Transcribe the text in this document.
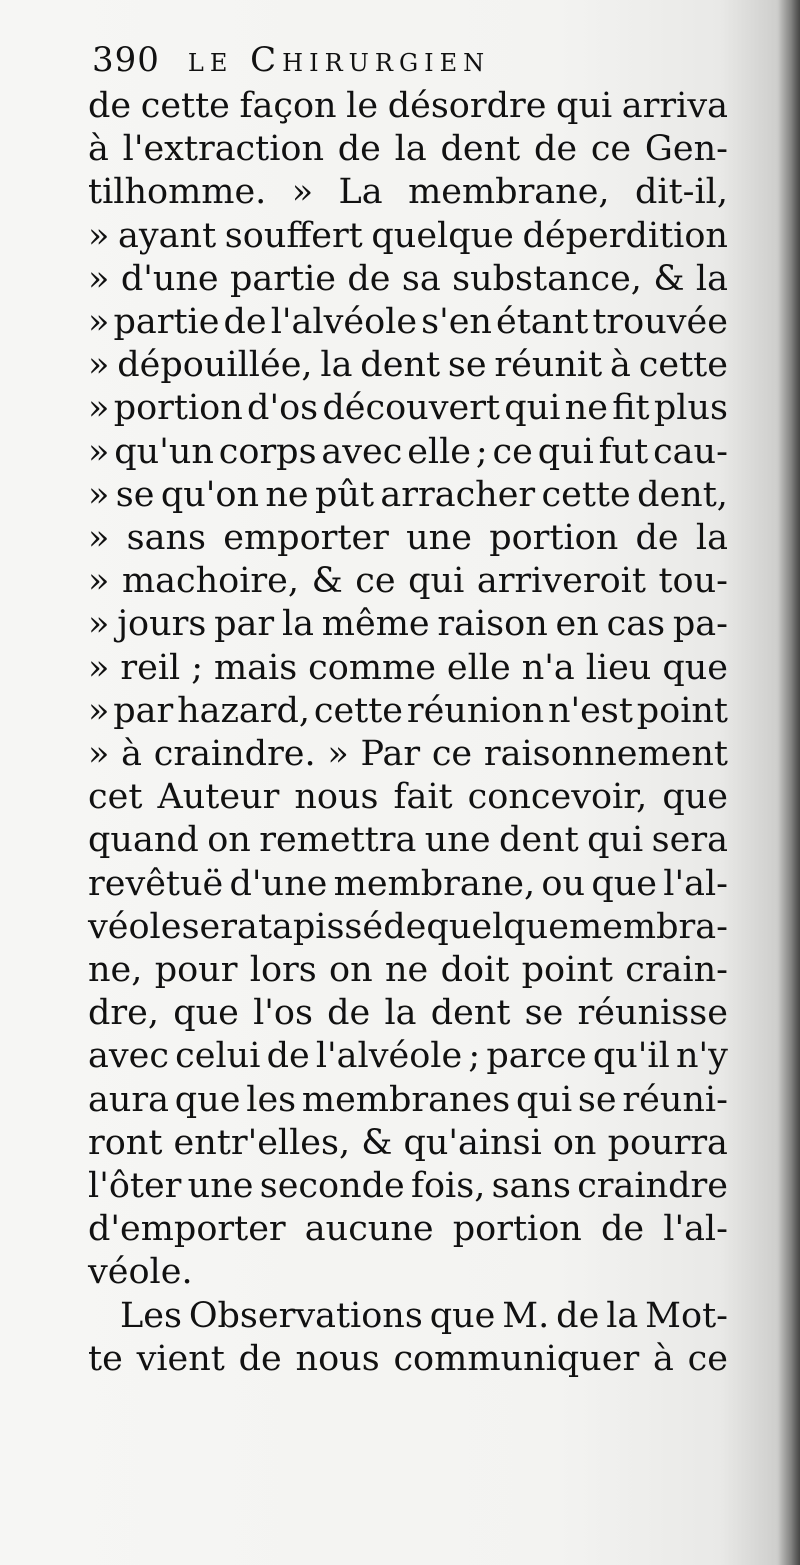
390 le Chirurgien
de cette façon le désordre qui arriva
à l'extraction de la dent de ce Gen-
tilhomme. » La membrane, dit-il,
» ayant souffert quelque déperdition
» d'une partie de sa substance, & la
» partie de l'alvéole s'en étant trouvée
» dépouillée, la dent se réunit à cette
» portion d'os découvert qui ne fit plus
» qu'un corps avec elle ; ce qui fut cau-
» se qu'on ne pût arracher cette dent,
» sans emporter une portion de la
» machoire, & ce qui arriveroit tou-
» jours par la même raison en cas pa-
» reil ; mais comme elle n'a lieu que
» par hazard, cette réunion n'est point
» à craindre. » Par ce raisonnement
cet Auteur nous fait concevoir, que
quand on remettra une dent qui sera
revêtuë d'une membrane, ou que l'al-
véole sera tapissé de quelque membra-
ne, pour lors on ne doit point crain-
dre, que l'os de la dent se réunisse
avec celui de l'alvéole ; parce qu'il n'y
aura que les membranes qui se réuni-
ront entr'elles, & qu'ainsi on pourra
l'ôter une seconde fois, sans craindre
d'emporter aucune portion de l'al-
véole.
Les Observations que M. de la Mot-
te vient de nous communiquer à ce
